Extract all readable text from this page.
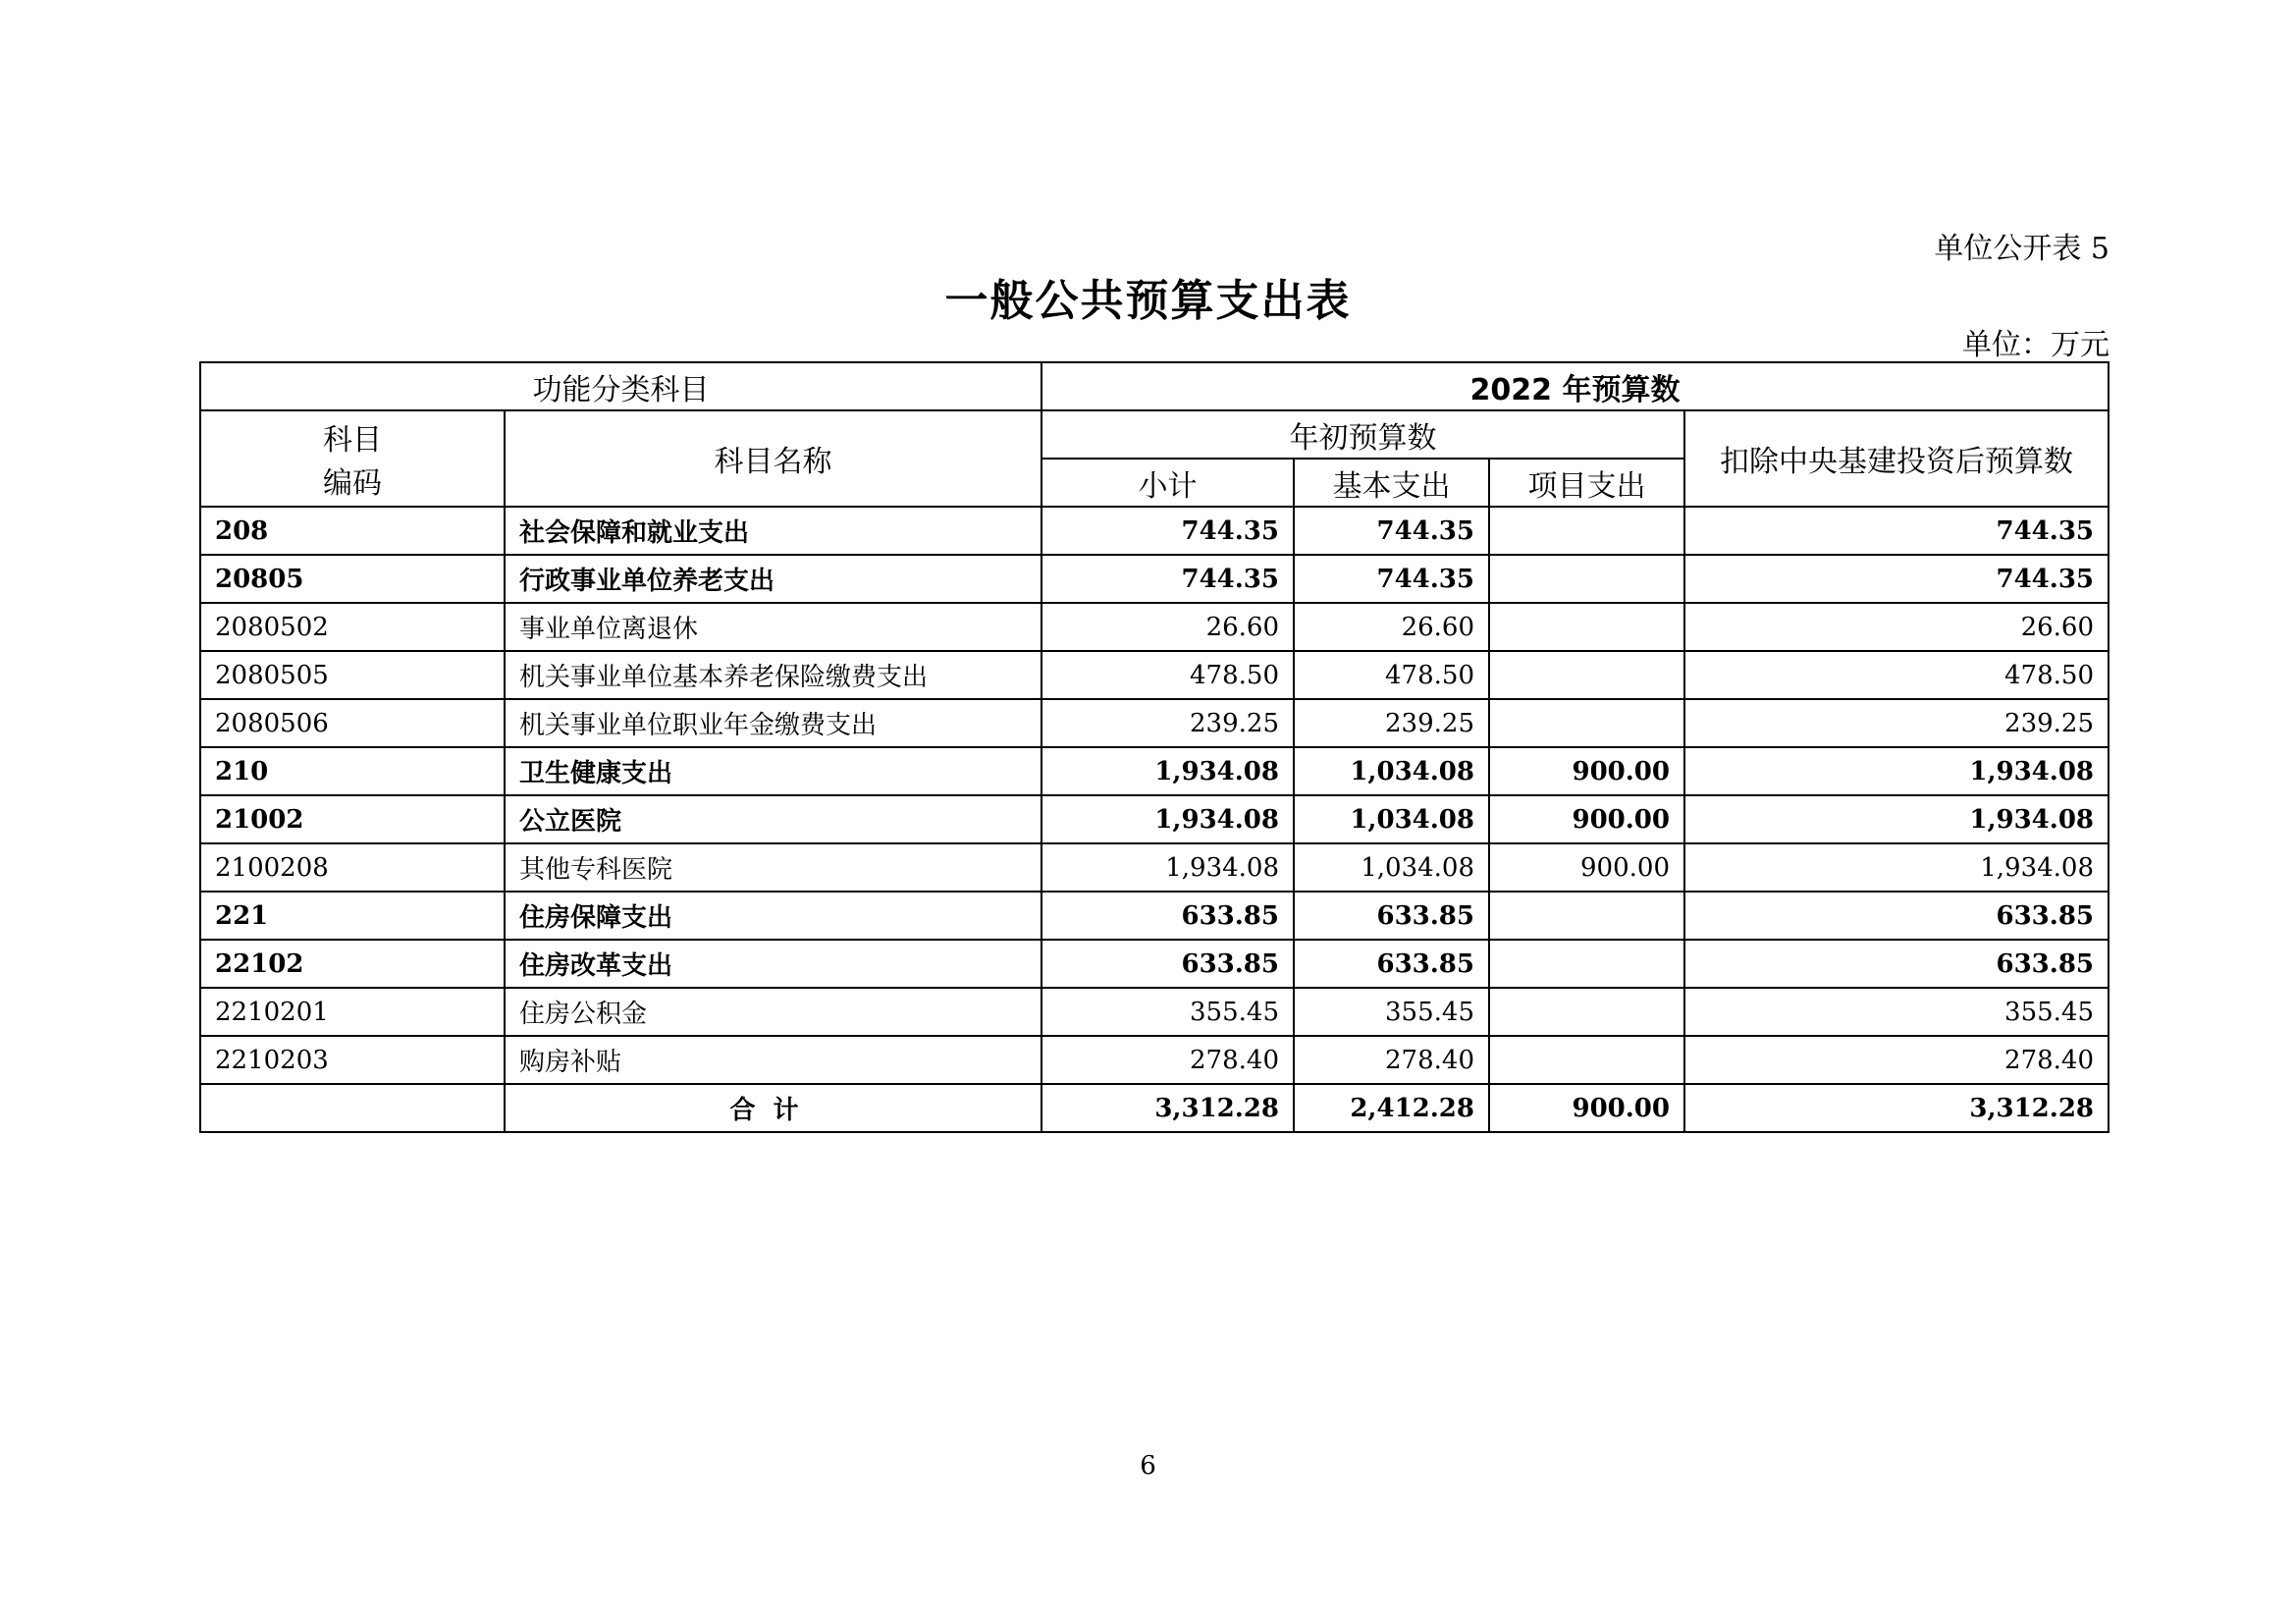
单位公开表 5
一般公共预算支出表
单位：万元
功能分类科目		2022 年预算数			

科目
编码	科目名称	年初预算数			扣除中央基建投资后预算数
		小计	基本支出	项目支出	
208	社会保障和就业支出	744.35	744.35		744.35
20805	行政事业单位养老支出	744.35	744.35		744.35
2080502	事业单位离退休	26.60	26.60		26.60
2080505	机关事业单位基本养老保险缴费支出	478.50	478.50		478.50
2080506	机关事业单位职业年金缴费支出	239.25	239.25		239.25
210	卫生健康支出	1,934.08	1,034.08	900.00	1,934.08
21002	公立医院	1,934.08	1,034.08	900.00	1,934.08
2100208	其他专科医院	1,934.08	1,034.08	900.00	1,934.08
221	住房保障支出	633.85	633.85		633.85
22102	住房改革支出	633.85	633.85		633.85
2210201	住房公积金	355.45	355.45		355.45
2210203	购房补贴	278.40	278.40		278.40
	合计	3,312.28	2,412.28	900.00	3,312.28
6
